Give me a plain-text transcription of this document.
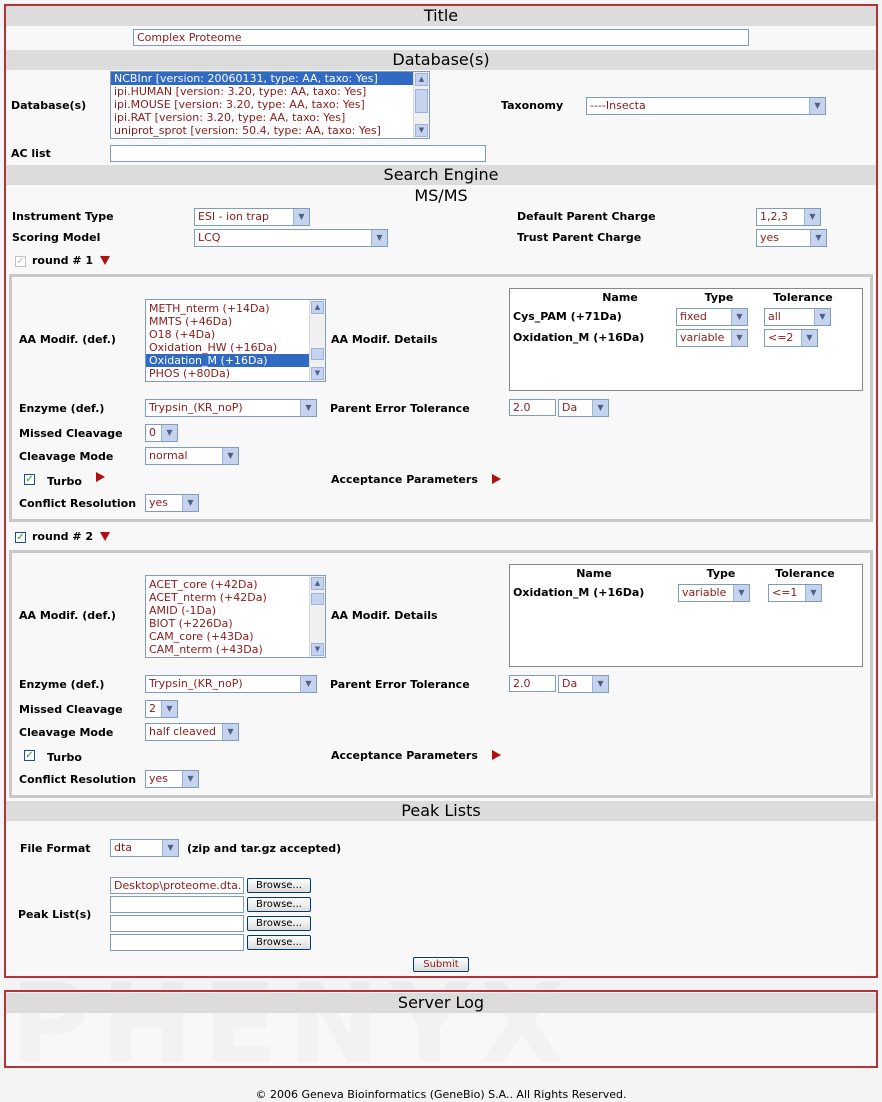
Title
Complex Proteome
Database(s)
Database(s)
NCBInr [version: 20060131, type: AA, taxo: Yes]
ipi.HUMAN [version: 3.20, type: AA, taxo: Yes]
ipi.MOUSE [version: 3.20, type: AA, taxo: Yes]
ipi.RAT [version: 3.20, type: AA, taxo: Yes]
uniprot_sprot [version: 50.4, type: AA, taxo: Yes]
▲
▼
Taxonomy	----Insecta	▼
AC list
Search Engine
MS/MS
Instrument Type	ESI - ion trap	▼
Scoring Model	LCQ	▼
Default Parent Charge	1,2,3	▼
Trust Parent Charge	yes	▼
✓ round # 1
AA Modif. (def.)
METH_nterm (+14Da)
MMTS (+46Da)
O18 (+4Da)
Oxidation_HW (+16Da)
Oxidation_M (+16Da)
PHOS (+80Da)
▲
▼
AA Modif. Details
Name	Type	Tolerance
Cys_PAM (+71Da)	fixed	▼	all	▼
Oxidation_M (+16Da)	variable	▼	<=2	▼
Enzyme (def.)	Trypsin_(KR_noP)	▼	Parent Error Tolerance	2.0	Da	▼
Missed Cleavage	0	▼
Cleavage Mode	normal	▼
✓ Turbo	Acceptance Parameters
Conflict Resolution	yes	▼
✓ round # 2
AA Modif. (def.)
ACET_core (+42Da)
ACET_nterm (+42Da)
AMID (-1Da)
BIOT (+226Da)
CAM_core (+43Da)
CAM_nterm (+43Da)
▲
▼
AA Modif. Details
Name	Type	Tolerance
Oxidation_M (+16Da)	variable	▼	<=1	▼
Enzyme (def.)	Trypsin_(KR_noP)	▼	Parent Error Tolerance	2.0	Da	▼
Missed Cleavage	2	▼
Cleavage Mode	half cleaved	▼
✓ Turbo	Acceptance Parameters
Conflict Resolution	yes	▼
Peak Lists
File Format	dta	▼	(zip and tar.gz accepted)
Peak List(s)
.Desktop\proteome.dta	Browse...
Browse...
Browse...
Browse...
Submit
Server Log
© 2006 Geneva Bioinformatics (GeneBio) S.A.. All Rights Reserved.
